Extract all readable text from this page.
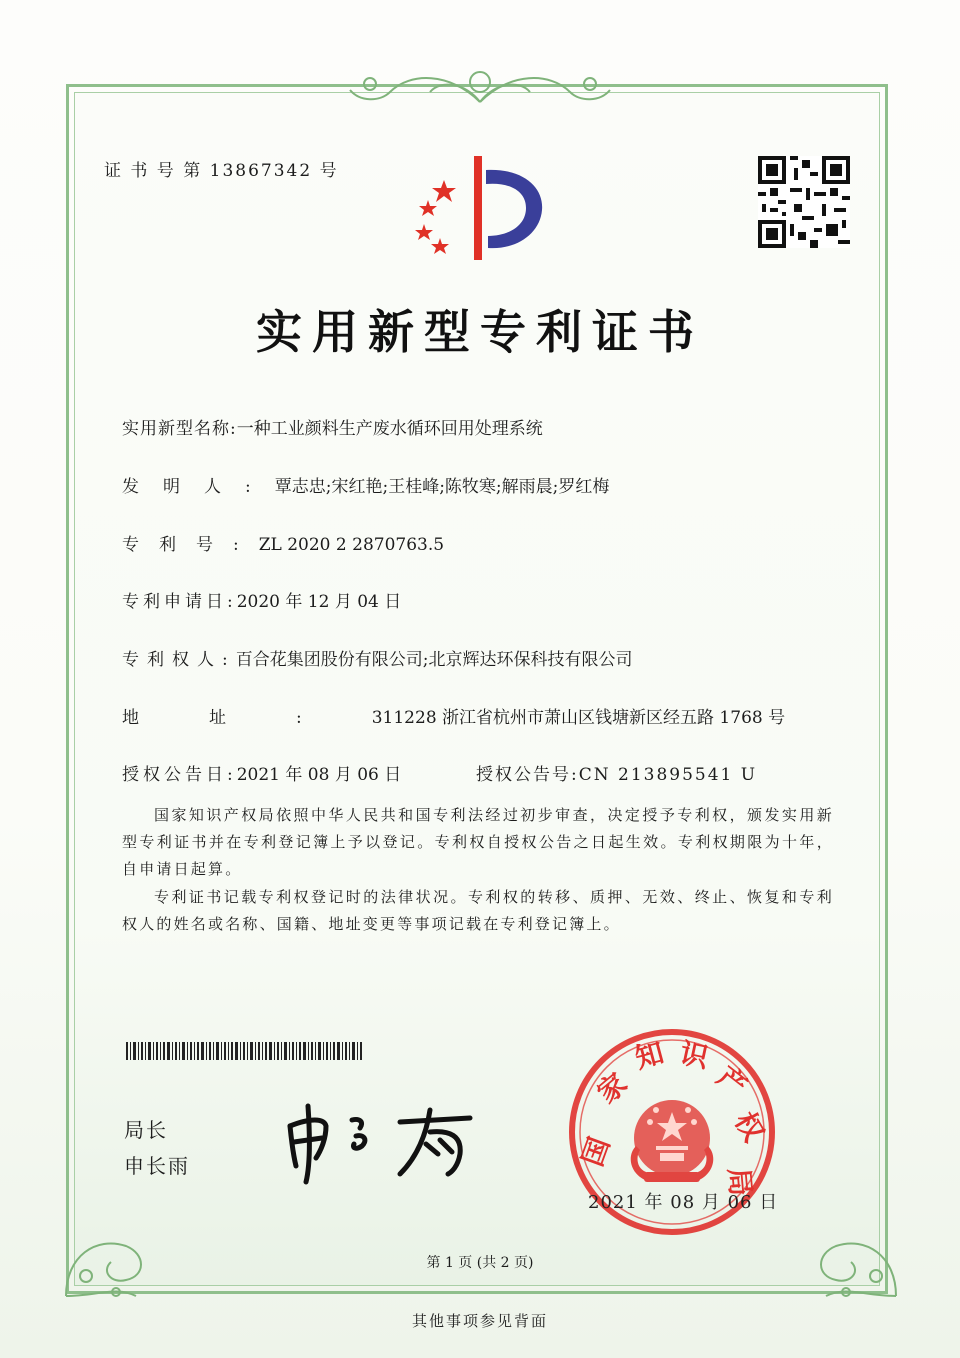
证 书 号 第 13867342 号
实用新型专利证书
实用新型名称:一种工业颜料生产废水循环回用处理系统
发明人:覃志忠;宋红艳;王桂峰;陈牧寒;解雨晨;罗红梅
专利号:ZL 2020 2 2870763.5
专利申请日:2020 年 12 月 04 日
专利权人:百合花集团股份有限公司;北京辉达环保科技有限公司
地址:311228 浙江省杭州市萧山区钱塘新区经五路 1768 号
授权公告日:2021 年 08 月 06 日	授权公告号:CN 213895541 U
国家知识产权局依照中华人民共和国专利法经过初步审查，决定授予专利权，颁发实用新型专利证书并在专利登记簿上予以登记。专利权自授权公告之日起生效。专利权期限为十年，自申请日起算。
专利证书记载专利权登记时的法律状况。专利权的转移、质押、无效、终止、恢复和专利权人的姓名或名称、国籍、地址变更等事项记载在专利登记簿上。
局长
申长雨	国
家
知 识
产
权
局
2021 年 08 月 06 日
第 1 页 (共 2 页)
其他事项参见背面
